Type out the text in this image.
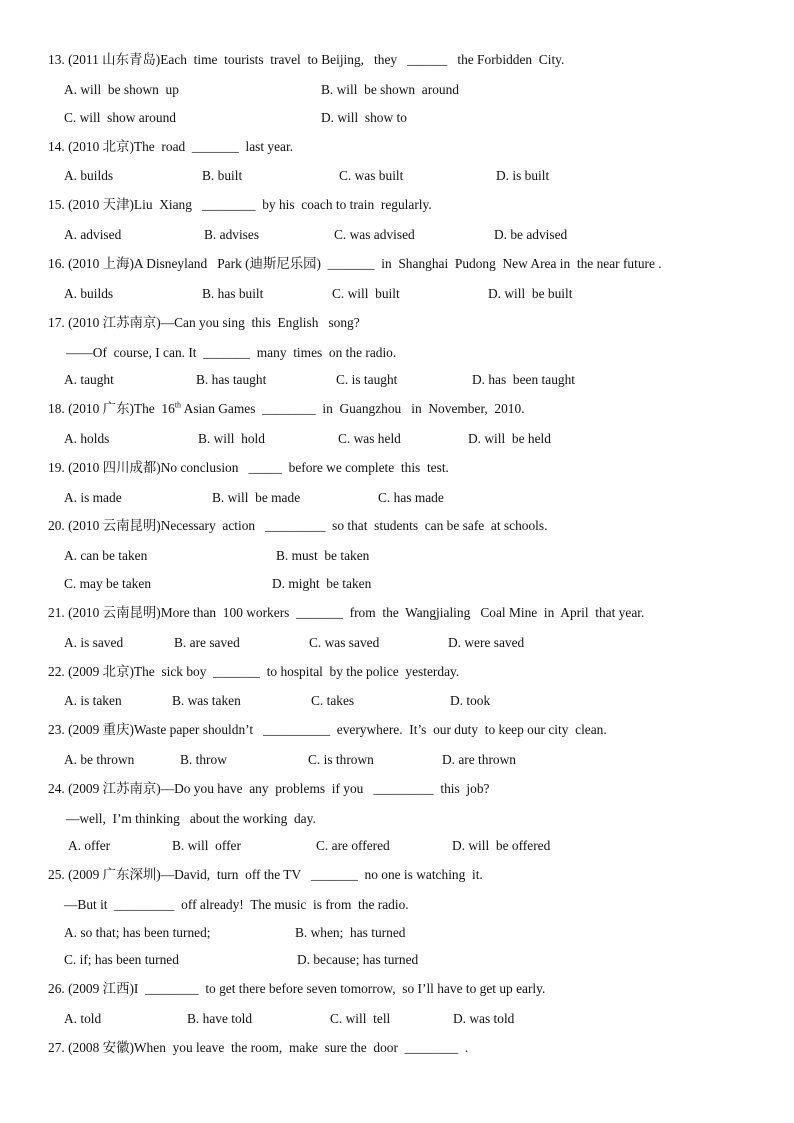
13. (2011 山东青岛)Each  time  tourists  travel  to Beijing,   they   ______   the Forbidden  City.
A. will  be shown  up	B. will  be shown  around
C. will  show around	D. will  show to
14. (2010 北京)The  road  _______  last year.
A. builds	B. built	C. was built	D. is built
15. (2010 天津)Liu  Xiang   ________  by his  coach to train  regularly.
A. advised	B. advises	C. was advised	D. be advised
16. (2010 上海)A Disneyland   Park (迪斯尼乐园)  _______  in  Shanghai  Pudong  New Area in  the near future .
A. builds	B. has built	C. will  built	D. will  be built
17. (2010 江苏南京)—Can you sing  this  English   song?
——Of  course, I can. It  _______  many  times  on the radio.
A. taught	B. has taught	C. is taught	D. has  been taught
18. (2010 广东)The  16th Asian Games  ________  in  Guangzhou   in  November,  2010.
A. holds	B. will  hold	C. was held	D. will  be held
19. (2010 四川成都)No conclusion   _____  before we complete  this  test.
A. is made	B. will  be made	C. has made
20. (2010 云南昆明)Necessary  action   _________  so that  students  can be safe  at schools.
A. can be taken	B. must  be taken
C. may be taken	D. might  be taken
21. (2010 云南昆明)More than  100 workers  _______  from  the  Wangjialing   Coal Mine  in  April  that year.
A. is saved	B. are saved	C. was saved	D. were saved
22. (2009 北京)The  sick boy  _______  to hospital  by the police  yesterday.
A. is taken	B. was taken	C. takes	D. took
23. (2009 重庆)Waste paper shouldn’t   __________  everywhere.  It’s  our duty  to keep our city  clean.
A. be thrown	B. throw	C. is thrown	D. are thrown
24. (2009 江苏南京)—Do you have  any  problems  if you   _________  this  job?
—well,  I’m thinking   about the working  day.
A. offer	B. will  offer	C. are offered	D. will  be offered
25. (2009 广东深圳)—David,  turn  off the TV   _______  no one is watching  it.
—But it  _________  off already!  The music  is from  the radio.
A. so that; has been turned;	B. when;  has turned
C. if; has been turned	D. because; has turned
26. (2009 江西)I  ________  to get there before seven tomorrow,  so I’ll have to get up early.
A. told	B. have told	C. will  tell	D. was told
27. (2008 安徽)When  you leave  the room,  make  sure the  door  ________  .
